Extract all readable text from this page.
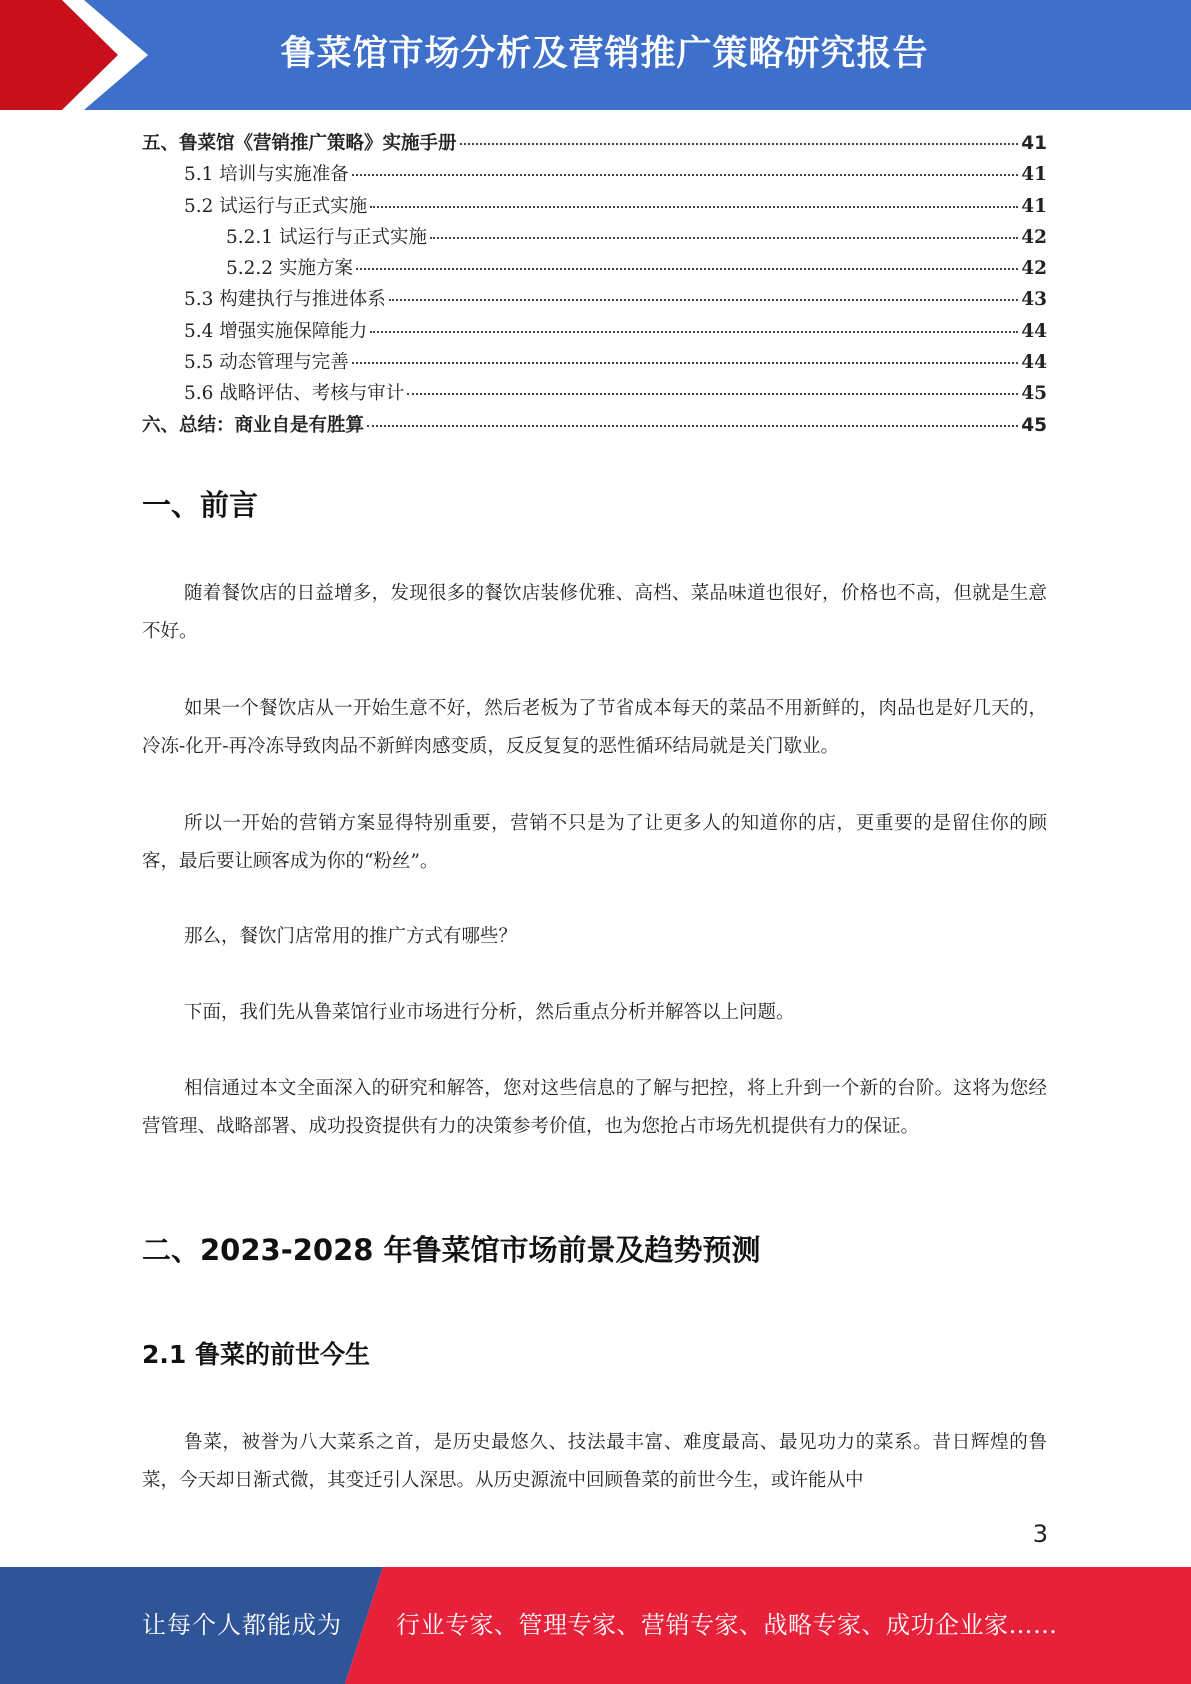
鲁菜馆市场分析及营销推广策略研究报告
五、鲁菜馆《营销推广策略》实施手册	41
5.1 培训与实施准备	41
5.2 试运行与正式实施	41
5.2.1 试运行与正式实施	42
5.2.2 实施方案	42
5.3 构建执行与推进体系	43
5.4 增强实施保障能力	44
5.5 动态管理与完善	44
5.6 战略评估、考核与审计	45
六、总结：商业自是有胜算	45
一、前言

随着餐饮店的日益增多，发现很多的餐饮店装修优雅、高档、菜品味道也很好，价格也不高，但就是生意不好。

如果一个餐饮店从一开始生意不好，然后老板为了节省成本每天的菜品不用新鲜的，肉品也是好几天的，冷冻-化开-再冷冻导致肉品不新鲜肉感变质，反反复复的恶性循环结局就是关门歇业。

所以一开始的营销方案显得特别重要，营销不只是为了让更多人的知道你的店，更重要的是留住你的顾客，最后要让顾客成为你的“粉丝”。

那么，餐饮门店常用的推广方式有哪些？

下面，我们先从鲁菜馆行业市场进行分析，然后重点分析并解答以上问题。

相信通过本文全面深入的研究和解答，您对这些信息的了解与把控，将上升到一个新的台阶。这将为您经营管理、战略部署、成功投资提供有力的决策参考价值，也为您抢占市场先机提供有力的保证。

二、2023-2028 年鲁菜馆市场前景及趋势预测
2.1 鲁菜的前世今生

鲁菜，被誉为八大菜系之首，是历史最悠久、技法最丰富、难度最高、最见功力的菜系。昔日辉煌的鲁菜，今天却日渐式微，其变迁引人深思。从历史源流中回顾鲁菜的前世今生，或许能从中

3
让每个人都能成为 行业专家、管理专家、营销专家、战略专家、成功企业家……
